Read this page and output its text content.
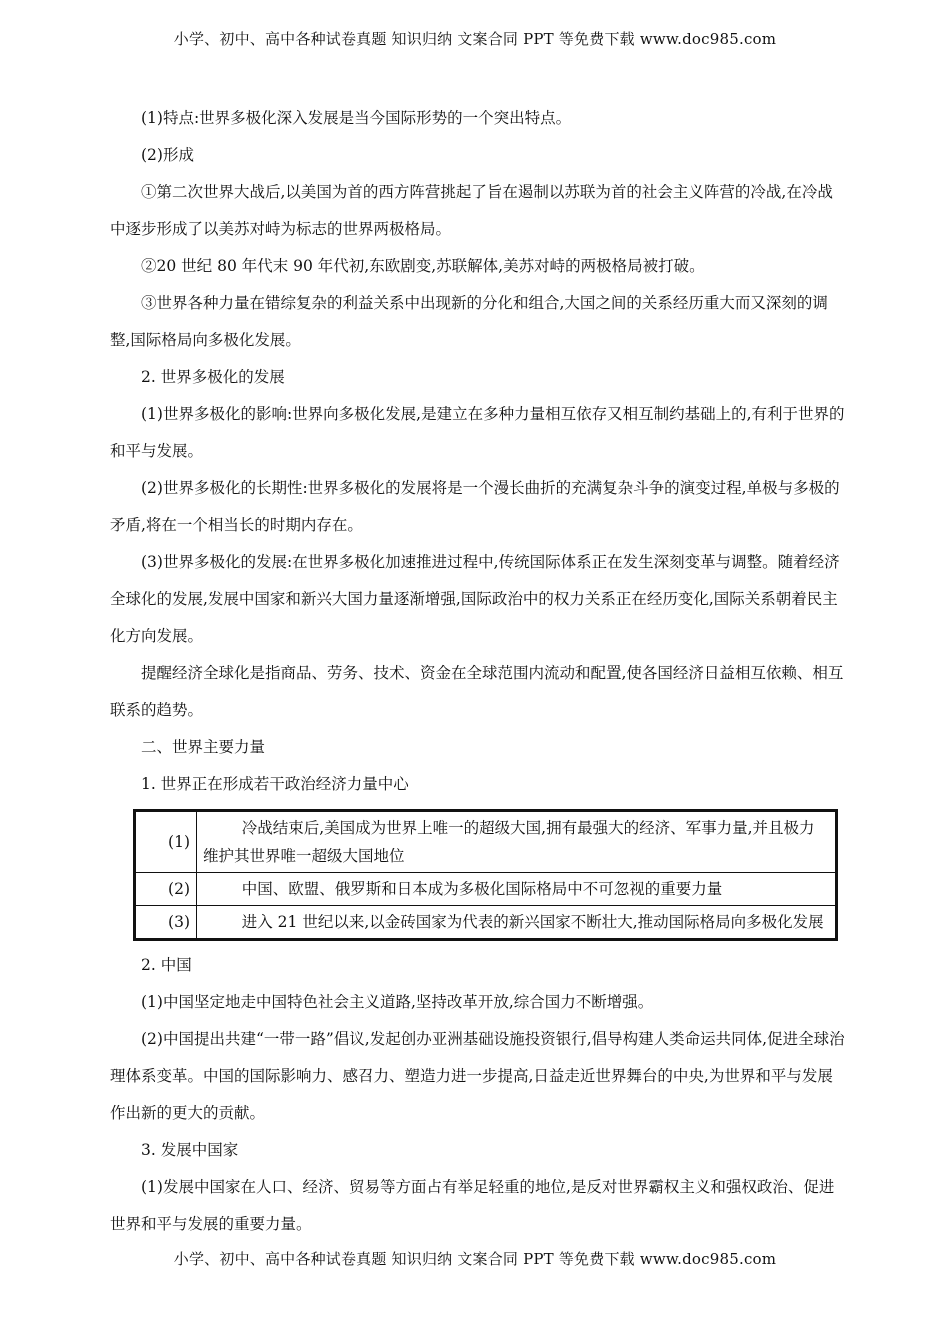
小学、初中、高中各种试卷真题 知识归纳 文案合同 PPT 等免费下载 www.doc985.com

(1)特点:世界多极化深入发展是当今国际形势的一个突出特点。

(2)形成

①第二次世界大战后,以美国为首的西方阵营挑起了旨在遏制以苏联为首的社会主义阵营的冷战,在冷战中逐步形成了以美苏对峙为标志的世界两极格局。

②20 世纪 80 年代末 90 年代初,东欧剧变,苏联解体,美苏对峙的两极格局被打破。

③世界各种力量在错综复杂的利益关系中出现新的分化和组合,大国之间的关系经历重大而又深刻的调整,国际格局向多极化发展。

2. 世界多极化的发展

(1)世界多极化的影响:世界向多极化发展,是建立在多种力量相互依存又相互制约基础上的,有利于世界的和平与发展。

(2)世界多极化的长期性:世界多极化的发展将是一个漫长曲折的充满复杂斗争的演变过程,单极与多极的矛盾,将在一个相当长的时期内存在。

(3)世界多极化的发展:在世界多极化加速推进过程中,传统国际体系正在发生深刻变革与调整。随着经济全球化的发展,发展中国家和新兴大国力量逐渐增强,国际政治中的权力关系正在经历变化,国际关系朝着民主化方向发展。

提醒经济全球化是指商品、劳务、技术、资金在全球范围内流动和配置,使各国经济日益相互依赖、相互联系的趋势。

二、世界主要力量

1. 世界正在形成若干政治经济力量中心

(1)	冷战结束后,美国成为世界上唯一的超级大国,拥有最强大的经济、军事力量,并且极力维护其世界唯一超级大国地位
(2)	中国、欧盟、俄罗斯和日本成为多极化国际格局中不可忽视的重要力量
(3)	进入 21 世纪以来,以金砖国家为代表的新兴国家不断壮大,推动国际格局向多极化发展

2. 中国

(1)中国坚定地走中国特色社会主义道路,坚持改革开放,综合国力不断增强。

(2)中国提出共建“一带一路”倡议,发起创办亚洲基础设施投资银行,倡导构建人类命运共同体,促进全球治理体系变革。中国的国际影响力、感召力、塑造力进一步提高,日益走近世界舞台的中央,为世界和平与发展作出新的更大的贡献。

3. 发展中国家

(1)发展中国家在人口、经济、贸易等方面占有举足轻重的地位,是反对世界霸权主义和强权政治、促进世界和平与发展的重要力量。

小学、初中、高中各种试卷真题 知识归纳 文案合同 PPT 等免费下载 www.doc985.com
